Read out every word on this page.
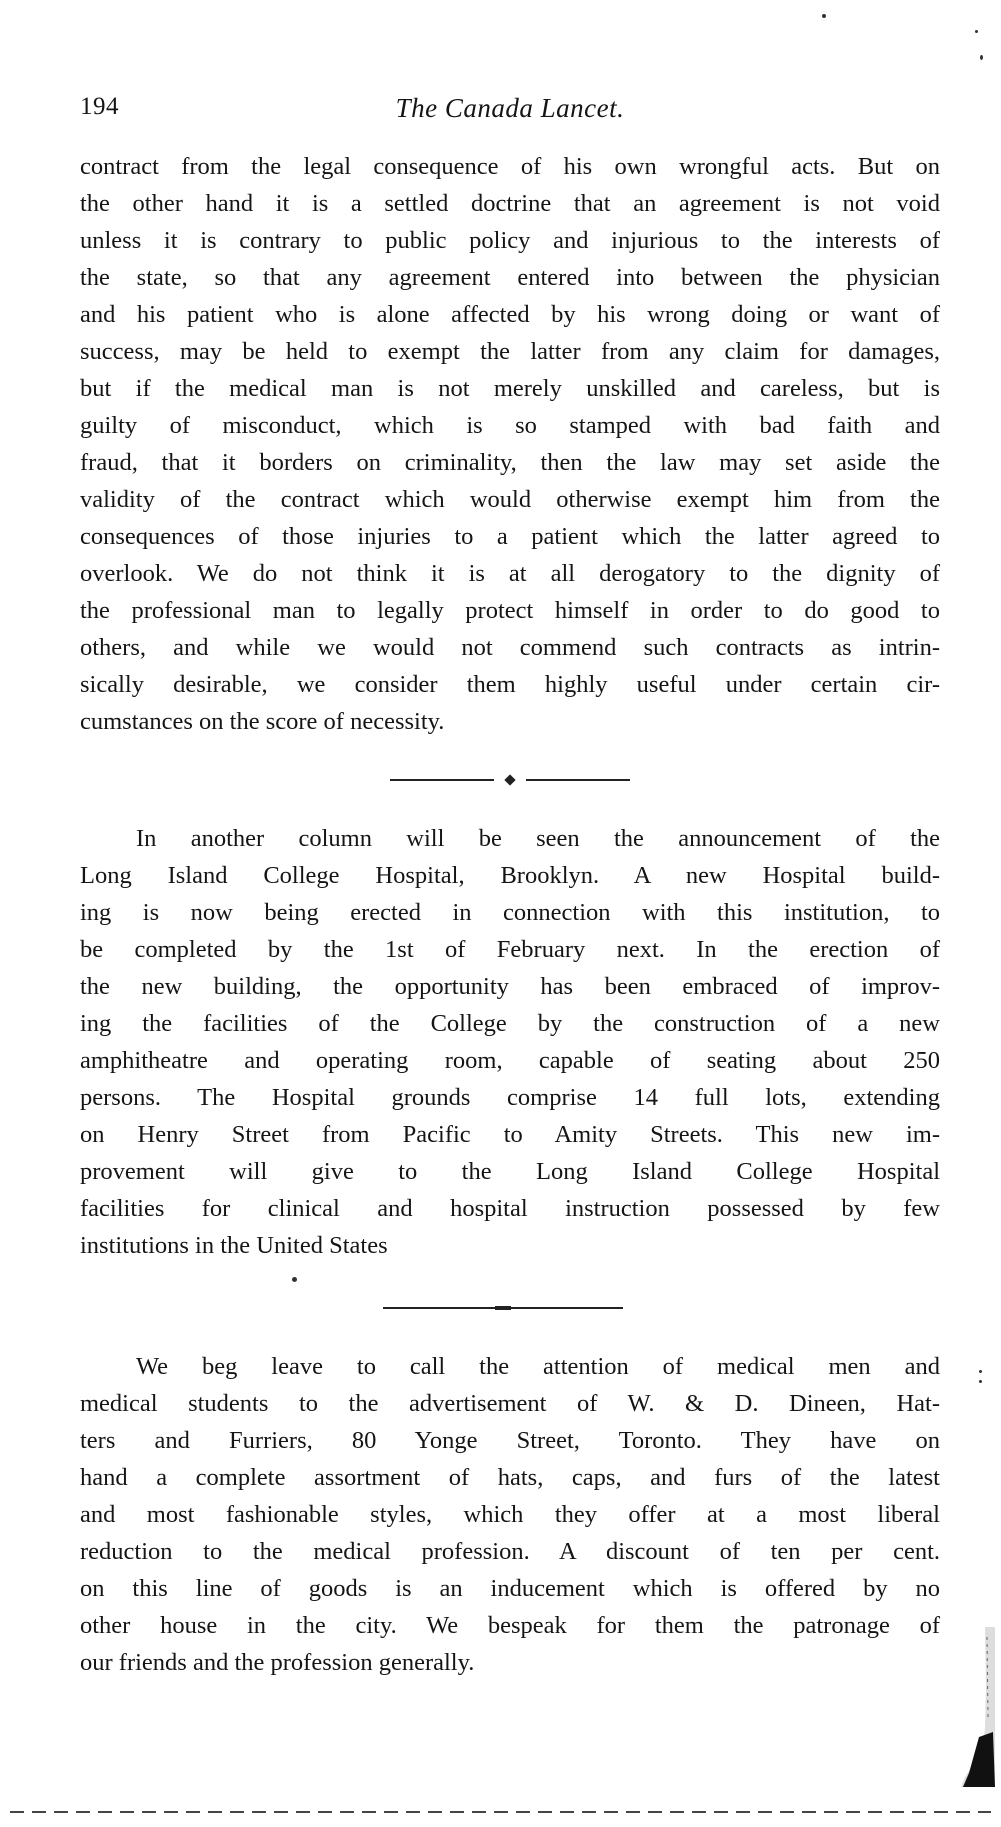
194	The Canada Lancet.
contract from the legal consequence of his own wrongful acts. But on
the other hand it is a settled doctrine that an agreement is not void
unless it is contrary to public policy and injurious to the interests of
the state, so that any agreement entered into between the physician
and his patient who is alone affected by his wrong doing or want of
success, may be held to exempt the latter from any claim for damages,
but if the medical man is not merely unskilled and careless, but is
guilty of misconduct, which is so stamped with bad faith and
fraud, that it borders on criminality, then the law may set aside the
validity of the contract which would otherwise exempt him from the
consequences of those injuries to a patient which the latter agreed to
overlook. We do not think it is at all derogatory to the dignity of
the professional man to legally protect himself in order to do good to
others, and while we would not commend such contracts as intrin-
sically desirable, we consider them highly useful under certain cir-
cumstances on the score of necessity.
In another column will be seen the announcement of the
Long Island College Hospital, Brooklyn. A new Hospital build-
ing is now being erected in connection with this institution, to
be completed by the 1st of February next. In the erection of
the new building, the opportunity has been embraced of improv-
ing the facilities of the College by the construction of a new
amphitheatre and operating room, capable of seating about 250
persons. The Hospital grounds comprise 14 full lots, extending
on Henry Street from Pacific to Amity Streets. This new im-
provement will give to the Long Island College Hospital
facilities for clinical and hospital instruction possessed by few
institutions in the United States
We beg leave to call the attention of medical men and
medical students to the advertisement of W. & D. Dineen, Hat-
ters and Furriers, 80 Yonge Street, Toronto. They have on
hand a complete assortment of hats, caps, and furs of the latest
and most fashionable styles, which they offer at a most liberal
reduction to the medical profession. A discount of ten per cent.
on this line of goods is an inducement which is offered by no
other house in the city. We bespeak for them the patronage of
our friends and the profession generally.
